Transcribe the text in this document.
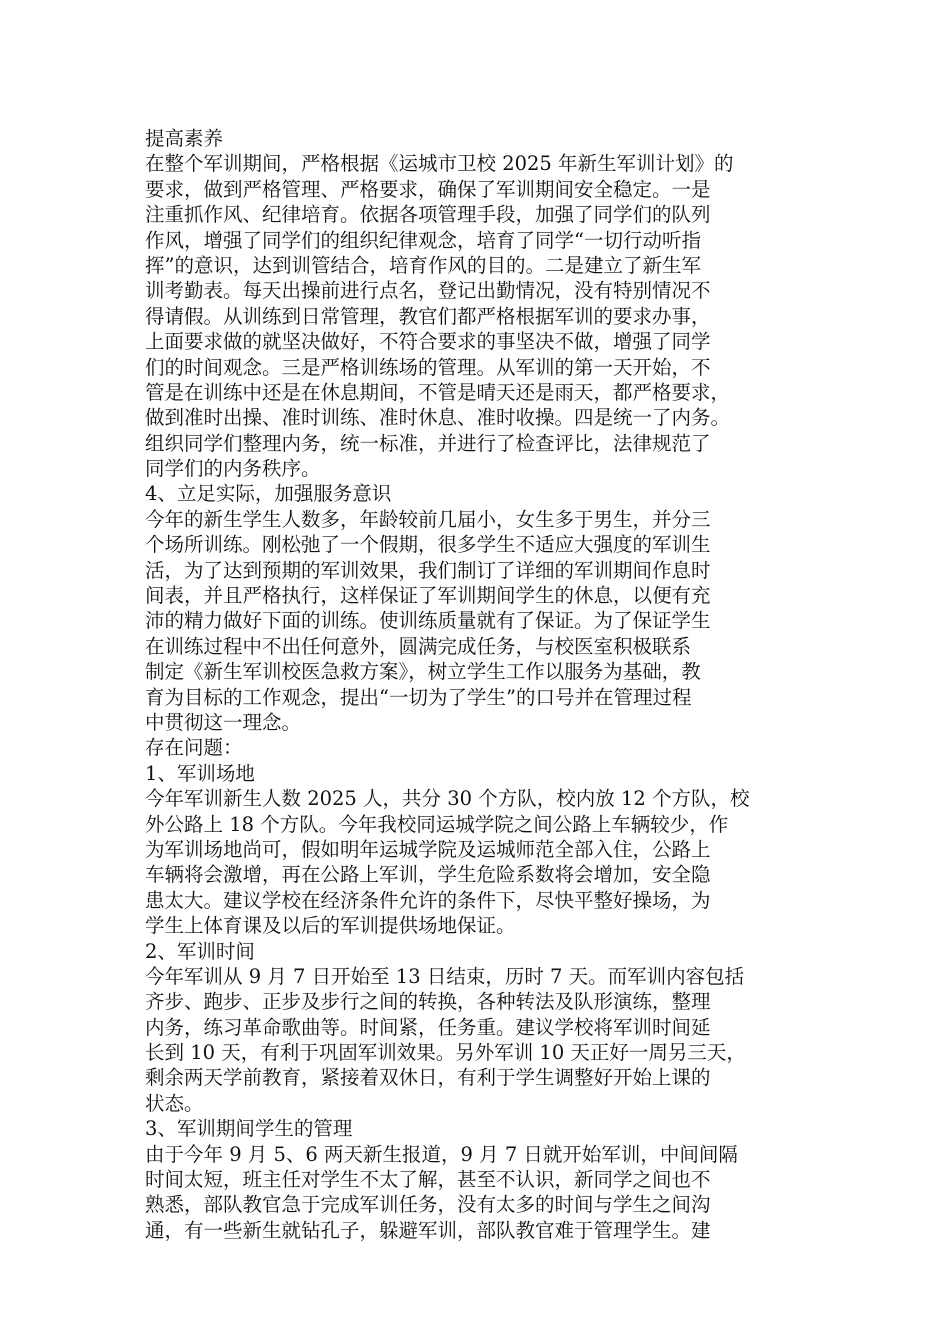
提高素养
在整个军训期间，严格根据《运城市卫校 2025 年新生军训计划》的
要求，做到严格管理、严格要求，确保了军训期间安全稳定。一是
注重抓作风、纪律培育。依据各项管理手段，加强了同学们的队列
作风，增强了同学们的组织纪律观念，培育了同学“一切行动听指
挥”的意识，达到训管结合，培育作风的目的。二是建立了新生军
训考勤表。每天出操前进行点名，登记出勤情况，没有特别情况不
得请假。从训练到日常管理，教官们都严格根据军训的要求办事，
上面要求做的就坚决做好，不符合要求的事坚决不做，增强了同学
们的时间观念。三是严格训练场的管理。从军训的第一天开始，不
管是在训练中还是在休息期间，不管是晴天还是雨天，都严格要求，
做到准时出操、准时训练、准时休息、准时收操。四是统一了内务。
组织同学们整理内务，统一标准，并进行了检查评比，法律规范了
同学们的内务秩序。
4、立足实际，加强服务意识
今年的新生学生人数多，年龄较前几届小，女生多于男生，并分三
个场所训练。刚松弛了一个假期，很多学生不适应大强度的军训生
活，为了达到预期的军训效果，我们制订了详细的军训期间作息时
间表，并且严格执行，这样保证了军训期间学生的休息，以便有充
沛的精力做好下面的训练。使训练质量就有了保证。为了保证学生
在训练过程中不出任何意外，圆满完成任务，与校医室积极联系
制定《新生军训校医急救方案》，树立学生工作以服务为基础，教
育为目标的工作观念，提出“一切为了学生”的口号并在管理过程
中贯彻这一理念。
存在问题：
1、军训场地
今年军训新生人数 2025 人，共分 30 个方队，校内放 12 个方队，校
外公路上 18 个方队。今年我校同运城学院之间公路上车辆较少，作
为军训场地尚可，假如明年运城学院及运城师范全部入住，公路上
车辆将会激增，再在公路上军训，学生危险系数将会增加，安全隐
患太大。建议学校在经济条件允许的条件下，尽快平整好操场，为
学生上体育课及以后的军训提供场地保证。
2、军训时间
今年军训从 9 月 7 日开始至 13 日结束，历时 7 天。而军训内容包括
齐步、跑步、正步及步行之间的转换，各种转法及队形演练，整理
内务，练习革命歌曲等。时间紧，任务重。建议学校将军训时间延
长到 10 天，有利于巩固军训效果。另外军训 10 天正好一周另三天，
剩余两天学前教育，紧接着双休日，有利于学生调整好开始上课的
状态。
3、军训期间学生的管理
由于今年 9 月 5、6 两天新生报道，9 月 7 日就开始军训，中间间隔
时间太短，班主任对学生不太了解，甚至不认识，新同学之间也不
熟悉，部队教官急于完成军训任务，没有太多的时间与学生之间沟
通，有一些新生就钻孔子，躲避军训，部队教官难于管理学生。建
